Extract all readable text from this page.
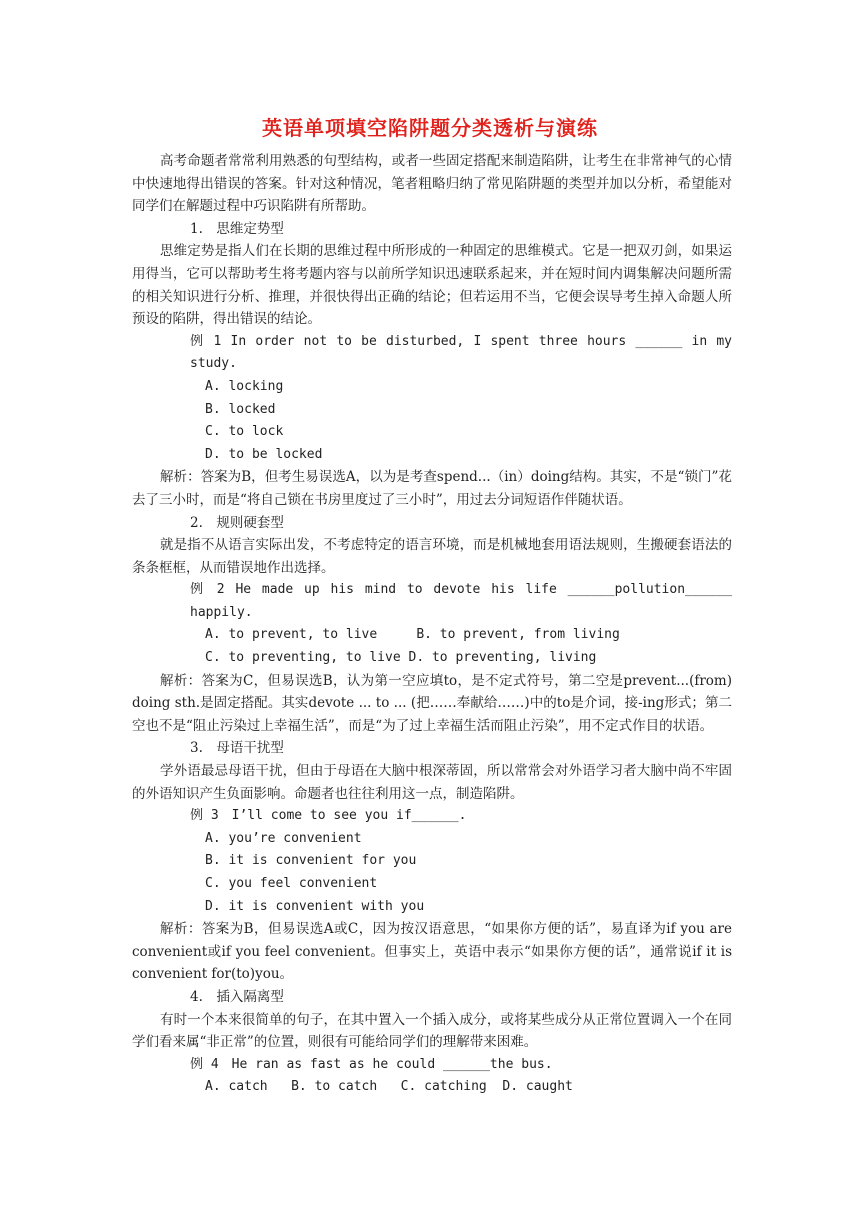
英语单项填空陷阱题分类透析与演练

高考命题者常常利用熟悉的句型结构，或者一些固定搭配来制造陷阱，让考生在非常神气的心情中快速地得出错误的答案。针对这种情况，笔者粗略归纳了常见陷阱题的类型并加以分析，希望能对同学们在解题过程中巧识陷阱有所帮助。

1.　思维定势型

思维定势是指人们在长期的思维过程中所形成的一种固定的思维模式。它是一把双刃剑，如果运用得当，它可以帮助考生将考题内容与以前所学知识迅速联系起来，并在短时间内调集解决问题所需的相关知识进行分析、推理，并很快得出正确的结论；但若运用不当，它便会误导考生掉入命题人所预设的陷阱，得出错误的结论。

例 1 In order not to be disturbed, I spent three hours ______ in my study.

A. locking

B. locked

C. to lock

D. to be locked

解析：答案为B，但考生易误选A，以为是考查spend...（in）doing结构。其实，不是“锁门”花去了三小时，而是“将自己锁在书房里度过了三小时”，用过去分词短语作伴随状语。

2.　规则硬套型

就是指不从语言实际出发，不考虑特定的语言环境，而是机械地套用语法规则，生搬硬套语法的条条框框，从而错误地作出选择。

例 2 He made up his mind to devote his life ______pollution______ happily.

A. to prevent, to live     B. to prevent, from living

C. to preventing, to live D. to preventing, living

解析：答案为C，但易误选B，认为第一空应填to，是不定式符号，第二空是prevent...(from) doing sth.是固定搭配。其实devote ... to ... (把……奉献给……)中的to是介词，接-ing形式；第二空也不是“阻止污染过上幸福生活”，而是“为了过上幸福生活而阻止污染”，用不定式作目的状语。

3.　母语干扰型

学外语最忌母语干扰，但由于母语在大脑中根深蒂固，所以常常会对外语学习者大脑中尚不牢固的外语知识产生负面影响。命题者也往往利用这一点，制造陷阱。

例 3　I’ll come to see you if______.

A. you’re convenient

B. it is convenient for you

C. you feel convenient

D. it is convenient with you

解析：答案为B，但易误选A或C，因为按汉语意思，“如果你方便的话”，易直译为if you are convenient或if you feel convenient。但事实上，英语中表示“如果你方便的话”，通常说if it is convenient for(to)you。

4.　插入隔离型

有时一个本来很简单的句子，在其中置入一个插入成分，或将某些成分从正常位置调入一个在同学们看来属“非正常”的位置，则很有可能给同学们的理解带来困难。

例 4　He ran as fast as he could ______the bus.

A. catch   B. to catch   C. catching  D. caught
